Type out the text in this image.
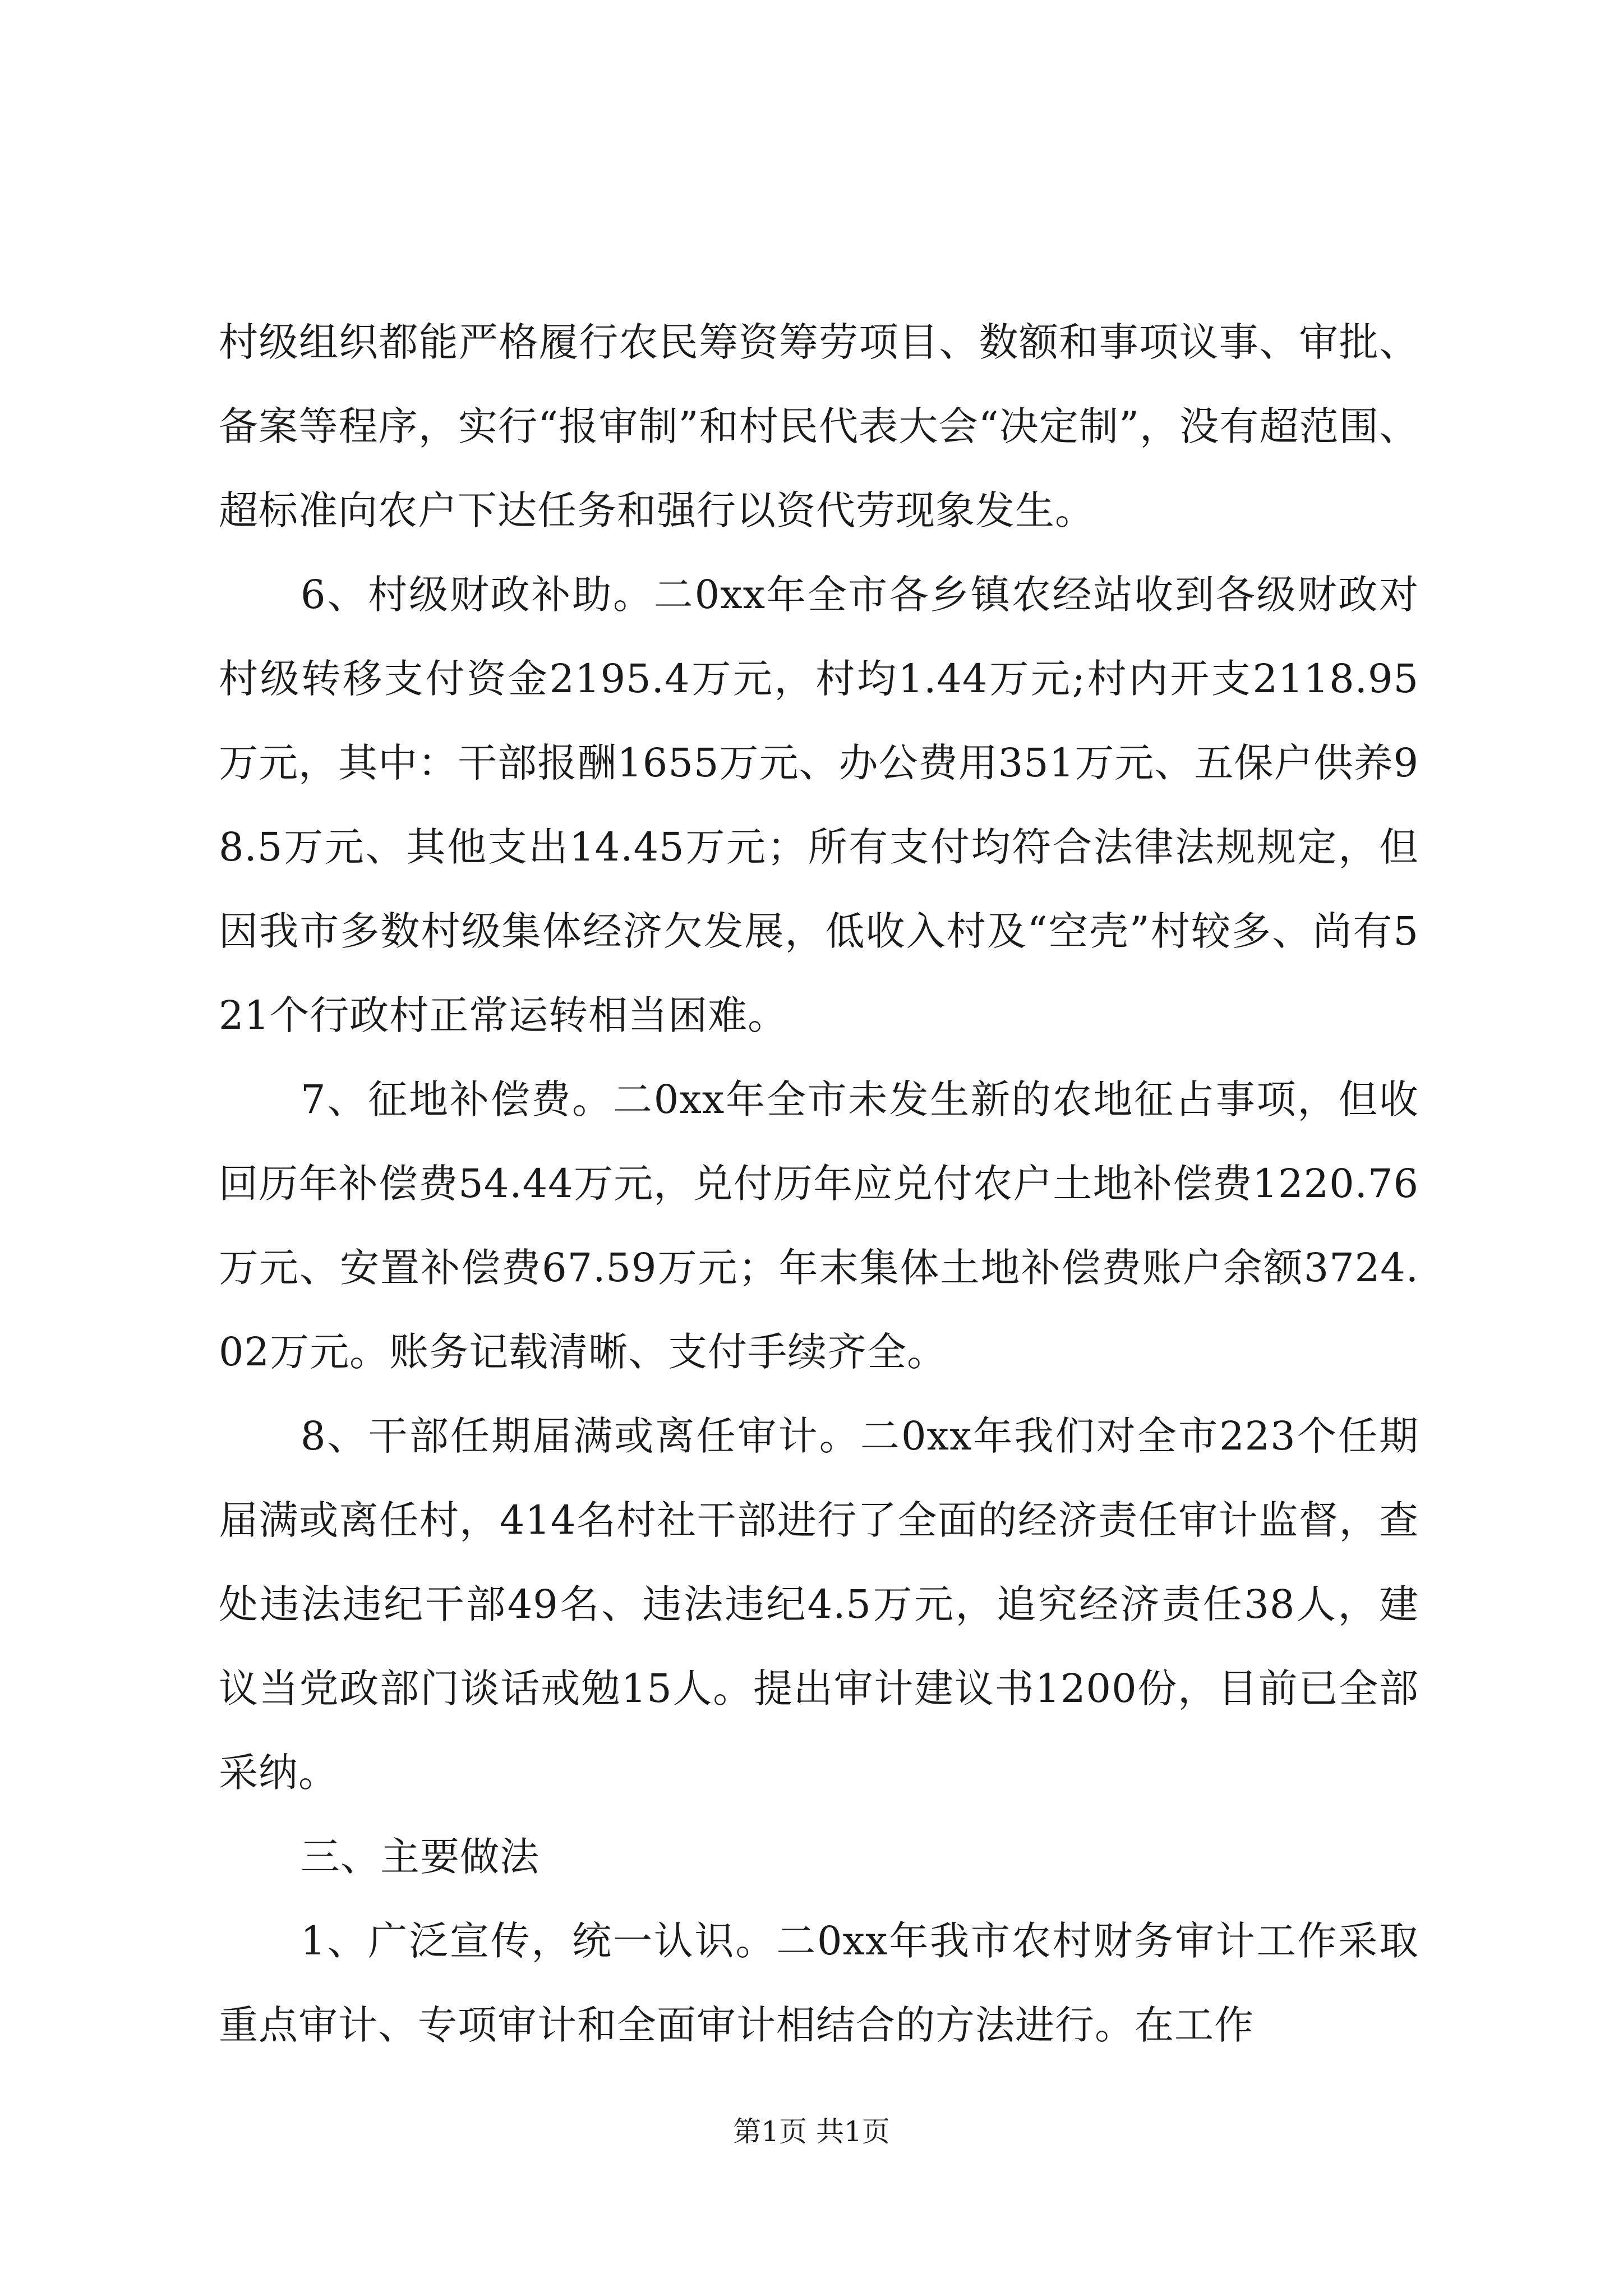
村级组织都能严格履行农民筹资筹劳项目、数额和事项议事、审批、备案等程序，实行“报审制”和村民代表大会“决定制”，没有超范围、超标准向农户下达任务和强行以资代劳现象发生。

6、村级财政补助。二0xx年全市各乡镇农经站收到各级财政对村级转移支付资金2195.4万元，村均1.44万元;村内开支2118.95万元，其中：干部报酬1655万元、办公费用351万元、五保户供养98.5万元、其他支出14.45万元；所有支付均符合法律法规规定，但因我市多数村级集体经济欠发展，低收入村及“空壳”村较多、尚有521个行政村正常运转相当困难。

7、征地补偿费。二0xx年全市未发生新的农地征占事项，但收回历年补偿费54.44万元，兑付历年应兑付农户土地补偿费1220.76万元、安置补偿费67.59万元；年末集体土地补偿费账户余额3724.02万元。账务记载清晰、支付手续齐全。

8、干部任期届满或离任审计。二0xx年我们对全市223个任期届满或离任村，414名村社干部进行了全面的经济责任审计监督，查处违法违纪干部49名、违法违纪4.5万元，追究经济责任38人，建议当党政部门谈话戒勉15人。提出审计建议书1200份，目前已全部采纳。

三、主要做法

1、广泛宣传，统一认识。二0xx年我市农村财务审计工作采取重点审计、专项审计和全面审计相结合的方法进行。在工作

第1页 共1页
